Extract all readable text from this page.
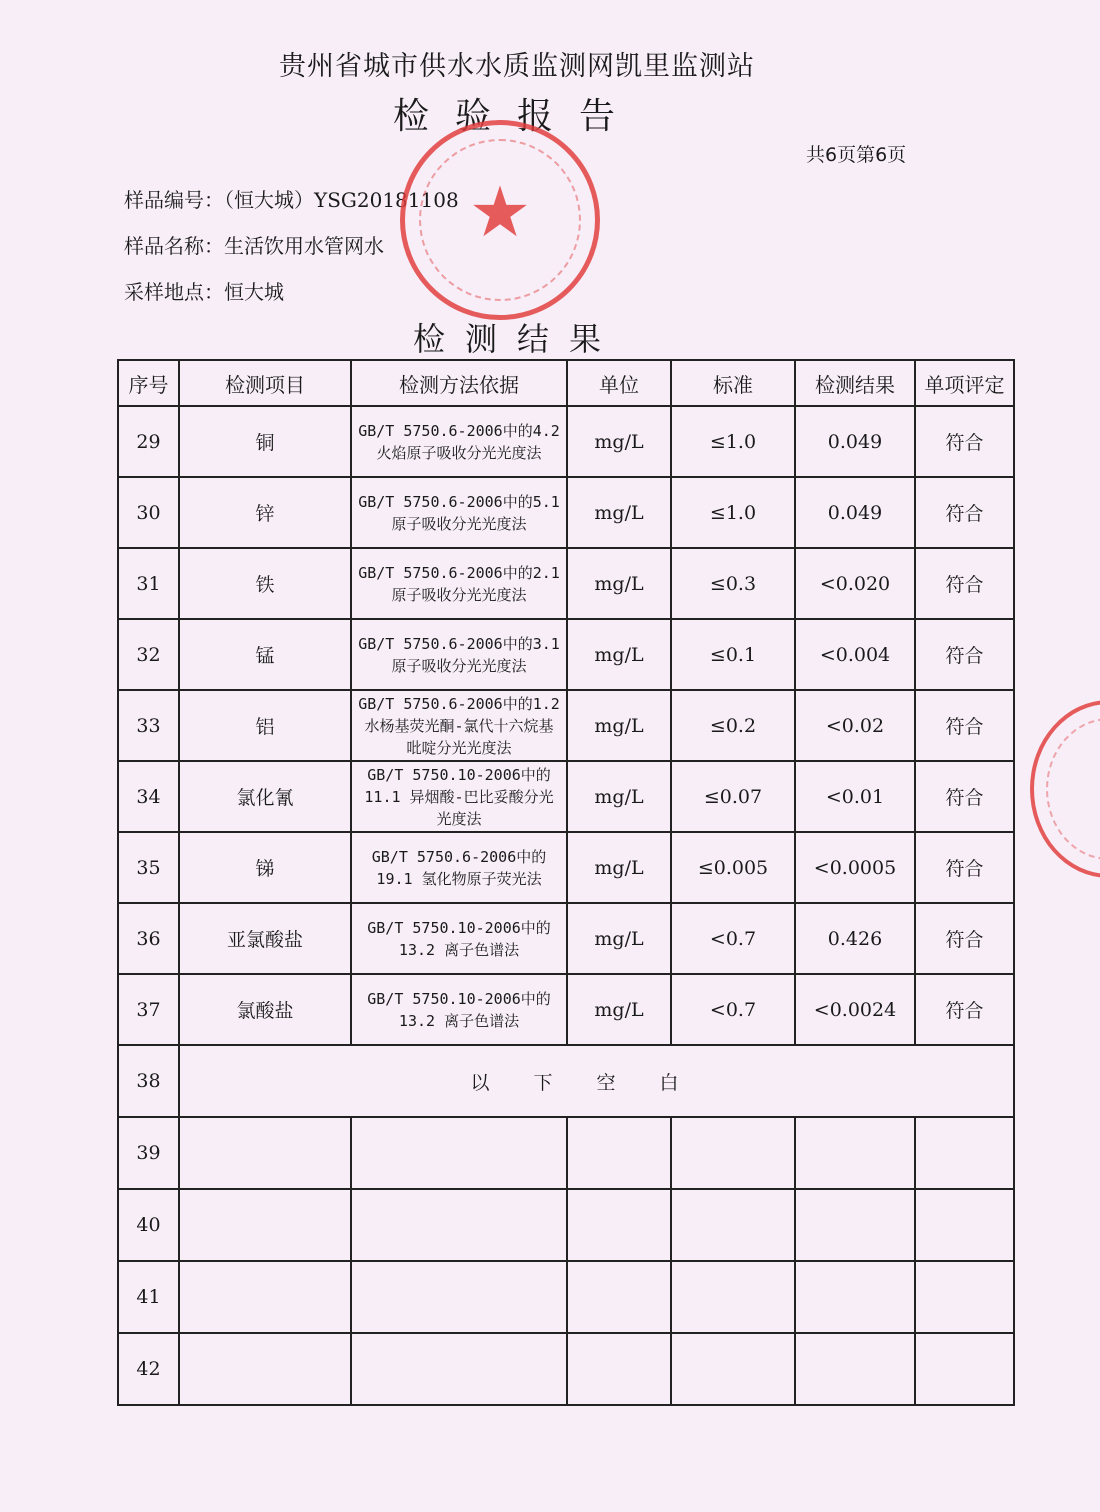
贵州省城市供水水质监测网凯里监测站
检验报告
共6页第6页
样品编号：（恒大城）YSG20181108
样品名称：生活饮用水管网水
采样地点：恒大城
检测结果
序号	检测项目	检测方法依据	单位	标准	检测结果	单项评定
29	铜	GB/T 5750.6-2006中的4.2 火焰原子吸收分光光度法	mg/L	≤1.0	0.049	符合
30	锌	GB/T 5750.6-2006中的5.1 原子吸收分光光度法	mg/L	≤1.0	0.049	符合
31	铁	GB/T 5750.6-2006中的2.1 原子吸收分光光度法	mg/L	≤0.3	<0.020	符合
32	锰	GB/T 5750.6-2006中的3.1 原子吸收分光光度法	mg/L	≤0.1	<0.004	符合
33	铝	GB/T 5750.6-2006中的1.2 水杨基荧光酮-氯代十六烷基吡啶分光光度法	mg/L	≤0.2	<0.02	符合
34	氯化氰	GB/T 5750.10-2006中的11.1 异烟酸-巴比妥酸分光光度法	mg/L	≤0.07	<0.01	符合
35	锑	GB/T 5750.6-2006中的19.1 氢化物原子荧光法	mg/L	≤0.005	<0.0005	符合
36	亚氯酸盐	GB/T 5750.10-2006中的13.2 离子色谱法	mg/L	<0.7	0.426	符合
37	氯酸盐	GB/T 5750.10-2006中的13.2 离子色谱法	mg/L	<0.7	<0.0024	符合
38	以下空白					
39						
40						
41						
42						
★
